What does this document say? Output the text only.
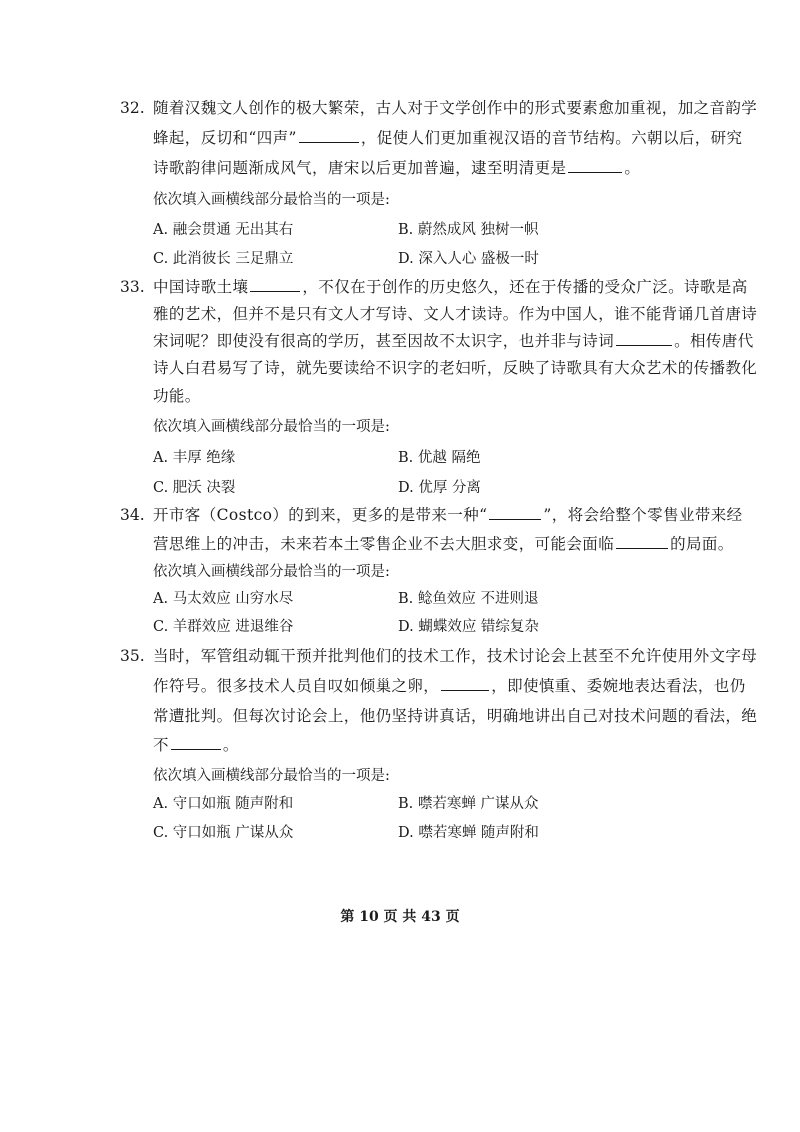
32. 随着汉魏文人创作的极大繁荣，古人对于文学创作中的形式要素愈加重视，加之音韵学
蜂起，反切和“四声”	，促使人们更加重视汉语的音节结构。六朝以后，研究
诗歌韵律问题渐成风气，唐宋以后更加普遍，逮至明清更是	。
依次填入画横线部分最恰当的一项是:
A. 融会贯通 无出其右	B. 蔚然成风 独树一帜
C. 此消彼长 三足鼎立	D. 深入人心 盛极一时
33. 中国诗歌土壤	，不仅在于创作的历史悠久，还在于传播的受众广泛。诗歌是高
雅的艺术，但并不是只有文人才写诗、文人才读诗。作为中国人，谁不能背诵几首唐诗
宋词呢？即使没有很高的学历，甚至因故不太识字，也并非与诗词	。相传唐代
诗人白君易写了诗，就先要读给不识字的老妇听，反映了诗歌具有大众艺术的传播教化
功能。
依次填入画横线部分最恰当的一项是:
A. 丰厚 绝缘	B. 优越 隔绝
C. 肥沃 决裂	D. 优厚 分离
34. 开市客（Costco）的到来，更多的是带来一种“	”，将会给整个零售业带来经
营思维上的冲击，未来若本土零售企业不去大胆求变，可能会面临	的局面。
依次填入画横线部分最恰当的一项是:
A. 马太效应 山穷水尽	B. 鲶鱼效应 不进则退
C. 羊群效应 进退维谷	D. 蝴蝶效应 错综复杂
35. 当时，军管组动辄干预并批判他们的技术工作，技术讨论会上甚至不允许使用外文字母
作符号。很多技术人员自叹如倾巢之卵，	，即使慎重、委婉地表达看法，也仍
常遭批判。但每次讨论会上，他仍坚持讲真话，明确地讲出自己对技术问题的看法，绝
不	。
依次填入画横线部分最恰当的一项是:
A. 守口如瓶 随声附和	B. 噤若寒蝉 广谋从众
C. 守口如瓶 广谋从众	D. 噤若寒蝉 随声附和
第 10 页 共 43 页
